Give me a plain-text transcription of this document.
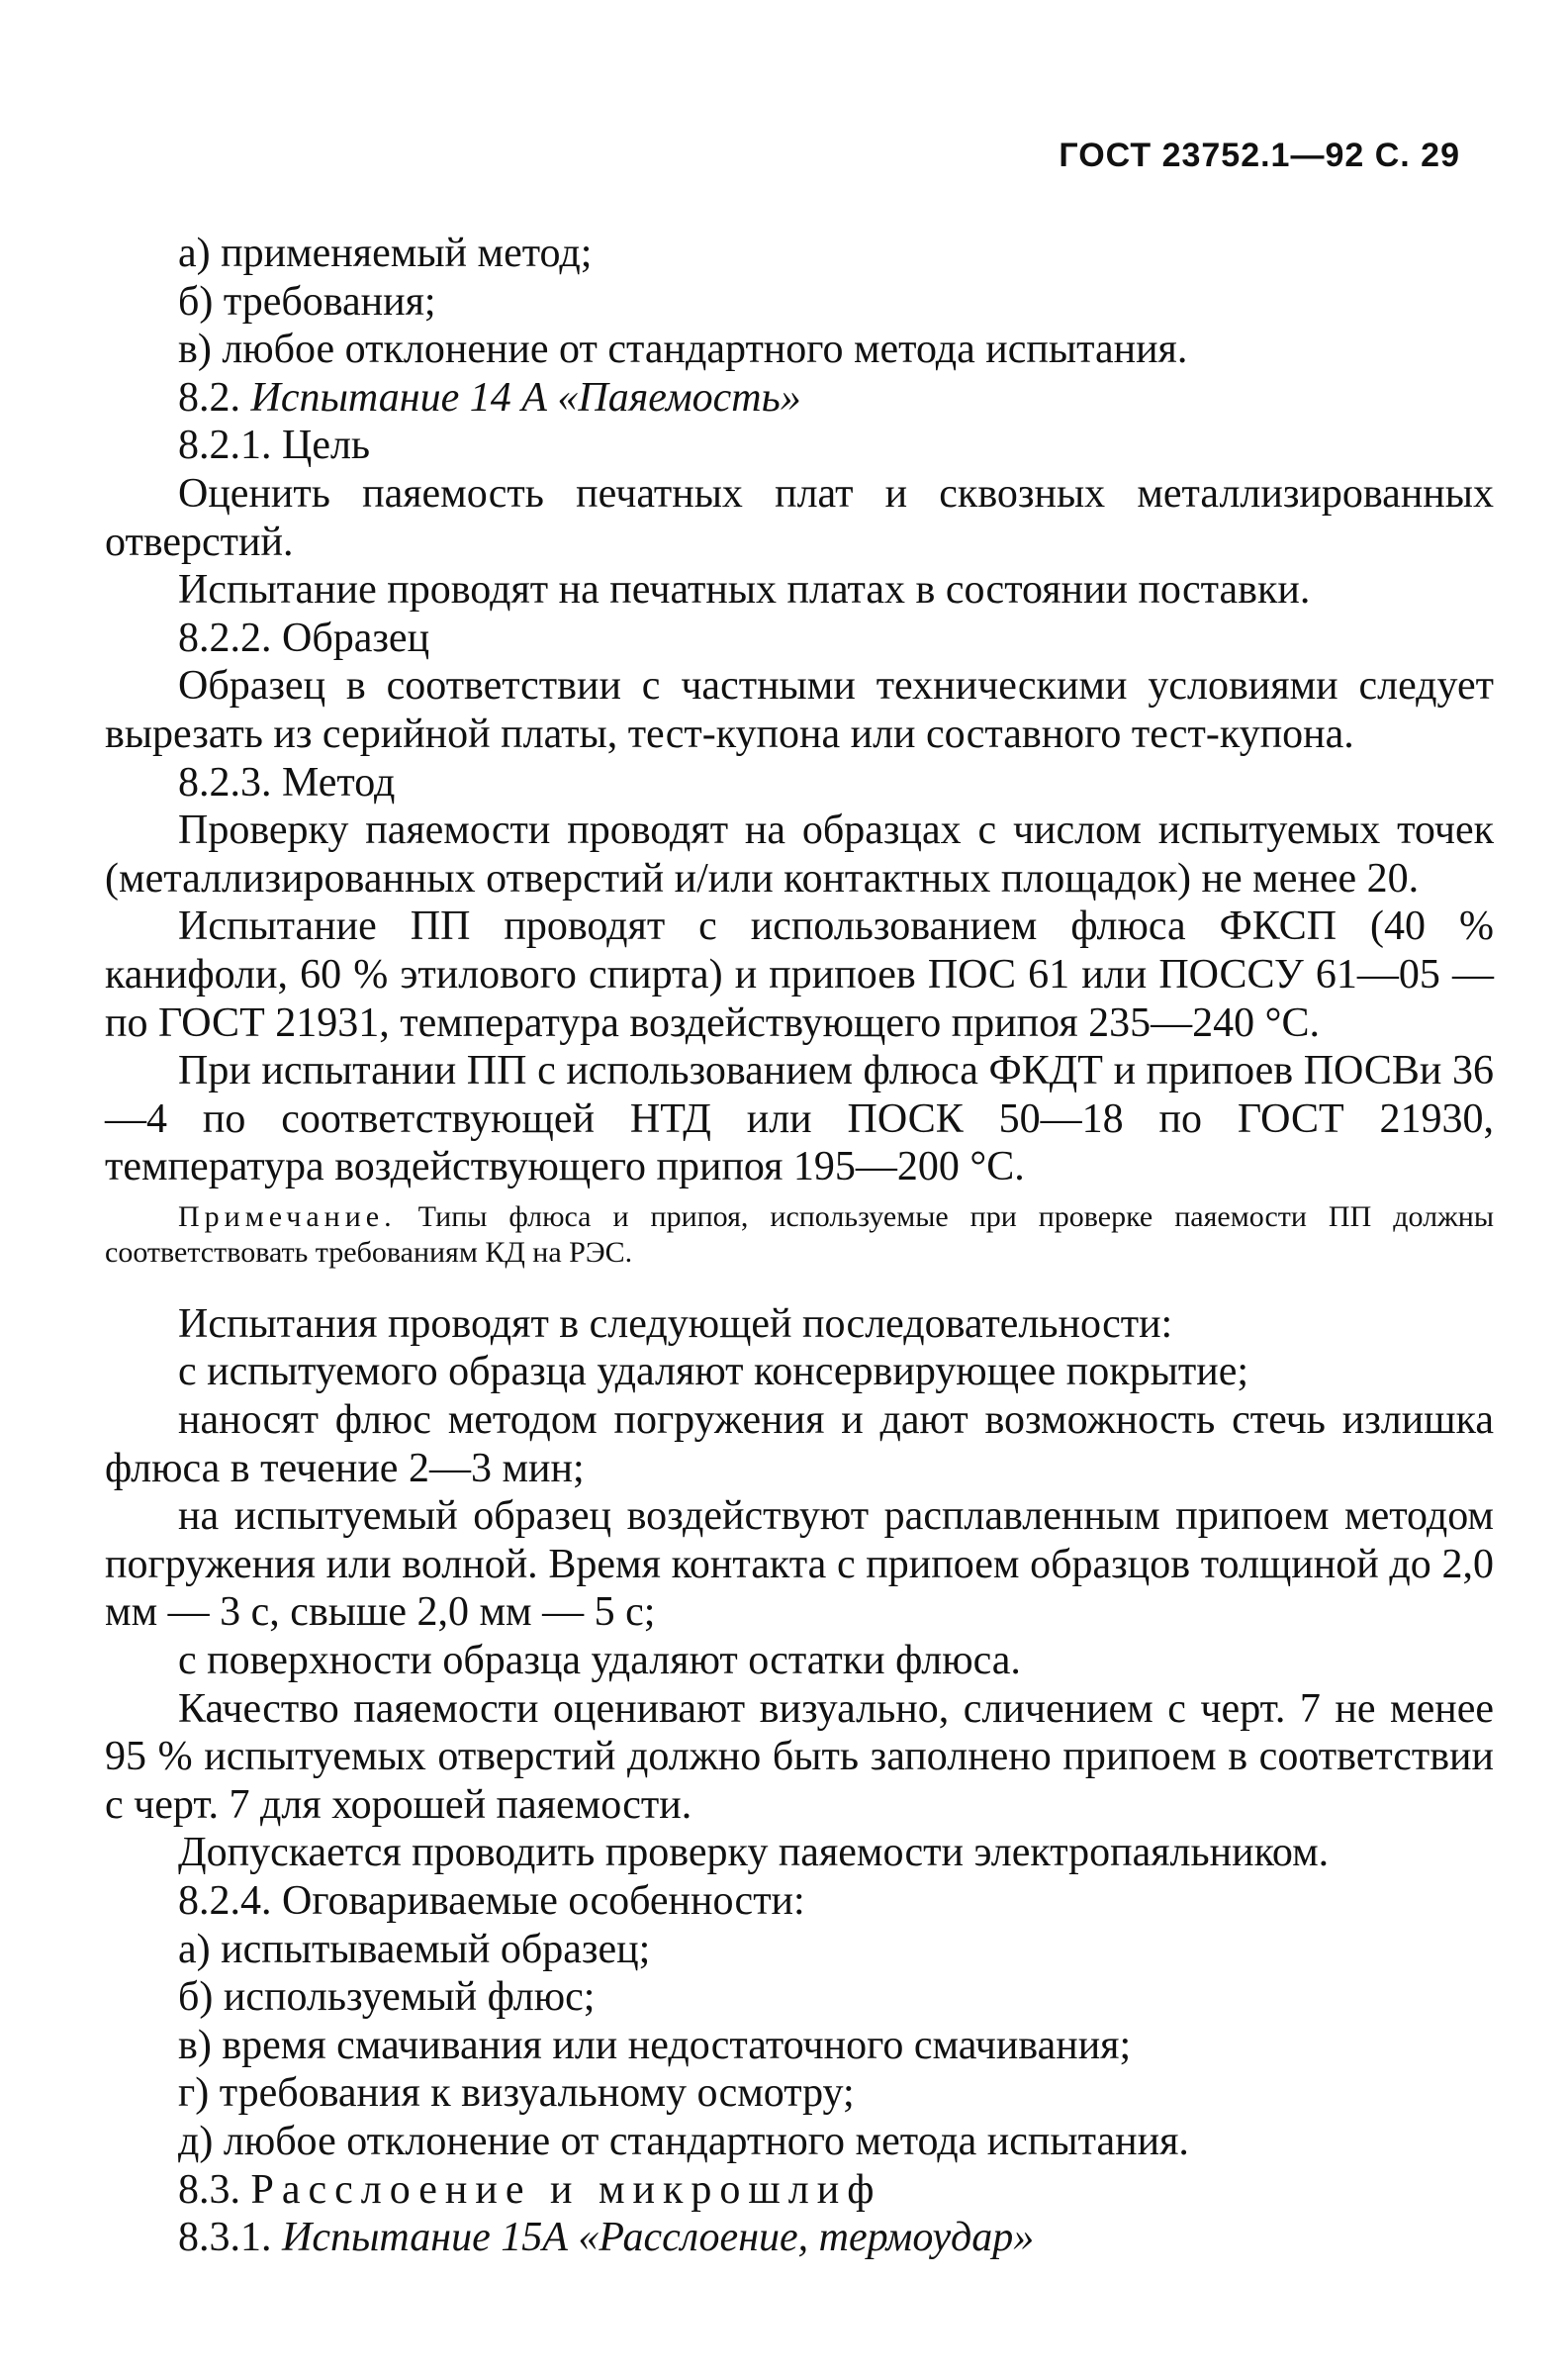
ГОСТ 23752.1—92 С. 29

а) применяемый метод;

б) требования;

в) любое отклонение от стандартного метода испытания.

8.2. Испытание 14 А «Паяемость»

8.2.1. Цель

Оценить паяемость печатных плат и сквозных металлизированных отверстий.

Испытание проводят на печатных платах в состоянии поставки.

8.2.2. Образец

Образец в соответствии с частными техническими условиями следует вырезать из серийной платы, тест-купона или составного тест-купона.

8.2.3. Метод

Проверку паяемости проводят на образцах с числом испытуемых точек (металлизированных отверстий и/или контактных площадок) не менее 20.

Испытание ПП проводят с использованием флюса ФКСП (40 % канифоли, 60 % этилового спирта) и припоев ПОС 61 или ПОССУ 61—05 — по ГОСТ 21931, температура воздействующего припоя 235—240 °С.

При испытании ПП с использованием флюса ФКДТ и припоев ПОСВи 36—4 по соответствующей НТД или ПОСК 50—18 по ГОСТ 21930, температура воздействующего припоя 195—200 °С.

Примечание. Типы флюса и припоя, используемые при проверке паяемости ПП должны соответствовать требованиям КД на РЭС.

Испытания проводят в следующей последовательности:

с испытуемого образца удаляют консервирующее покрытие;

наносят флюс методом погружения и дают возможность стечь излишка флюса в течение 2—3 мин;

на испытуемый образец воздействуют расплавленным припоем методом погружения или волной. Время контакта с припоем образцов толщиной до 2,0 мм — 3 с, свыше 2,0 мм — 5 с;

с поверхности образца удаляют остатки флюса.

Качество паяемости оценивают визуально, сличением с черт. 7 не менее 95 % испытуемых отверстий должно быть заполнено припоем в соответствии с черт. 7 для хорошей паяемости.

Допускается проводить проверку паяемости электропаяльником.

8.2.4. Оговариваемые особенности:

а) испытываемый образец;

б) используемый флюс;

в) время смачивания или недостаточного смачивания;

г) требования к визуальному осмотру;

д) любое отклонение от стандартного метода испытания.

8.3. Расслоение и микрошлиф

8.3.1. Испытание 15А «Расслоение, термоудар»
